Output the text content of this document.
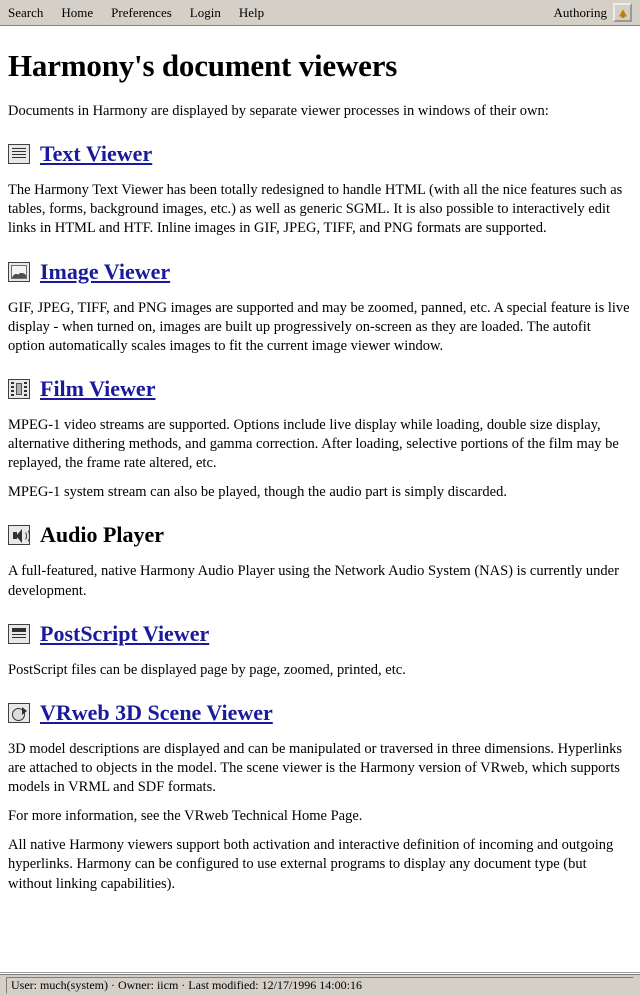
Search Home Preferences Login Help	Authoring
Harmony's document viewers

Documents in Harmony are displayed by separate viewer processes in windows of their own:

Text Viewer

The Harmony Text Viewer has been totally redesigned to handle HTML (with all the nice features such as tables, forms, background images, etc.) as well as generic SGML. It is also possible to interactively edit links in HTML and HTF. Inline images in GIF, JPEG, TIFF, and PNG formats are supported.

Image Viewer

GIF, JPEG, TIFF, and PNG images are supported and may be zoomed, panned, etc. A special feature is live display - when turned on, images are built up progressively on-screen as they are loaded. The autofit option automatically scales images to fit the current image viewer window.

Film Viewer

MPEG-1 video streams are supported. Options include live display while loading, double size display, alternative dithering methods, and gamma correction. After loading, selective portions of the film may be replayed, the frame rate altered, etc.

MPEG-1 system stream can also be played, though the audio part is simply discarded.

Audio Player

A full-featured, native Harmony Audio Player using the Network Audio System (NAS) is currently under development.

PostScript Viewer

PostScript files can be displayed page by page, zoomed, printed, etc.

VRweb 3D Scene Viewer

3D model descriptions are displayed and can be manipulated or traversed in three dimensions. Hyperlinks are attached to objects in the model. The scene viewer is the Harmony version of VRweb, which supports models in VRML and SDF formats.

For more information, see the VRweb Technical Home Page.

All native Harmony viewers support both activation and interactive definition of incoming and outgoing hyperlinks. Harmony can be configured to use external programs to display any document type (but without linking capabilities).

User: much(system) · Owner: iicm · Last modified: 12/17/1996 14:00:16
